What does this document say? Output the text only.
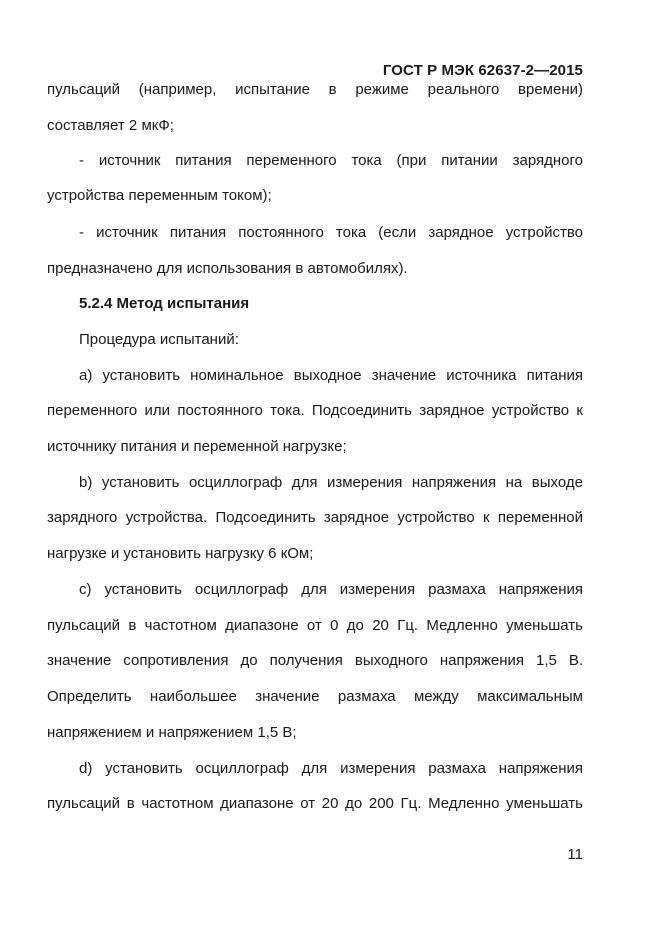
ГОСТ Р МЭК 62637-2—2015
пульсаций (например, испытание в режиме реального времени)
составляет 2 мкФ;
- источник питания переменного тока (при питании зарядного
устройства переменным током);
- источник питания постоянного тока (если зарядное устройство
предназначено для использования в автомобилях).
5.2.4 Метод испытания
Процедура испытаний:
a) установить номинальное выходное значение источника питания
переменного или постоянного тока. Подсоединить зарядное устройство к
источнику питания и переменной нагрузке;
b) установить осциллограф для измерения напряжения на выходе
зарядного устройства. Подсоединить зарядное устройство к переменной
нагрузке и установить нагрузку 6 кОм;
c) установить осциллограф для измерения размаха напряжения
пульсаций в частотном диапазоне от 0 до 20 Гц. Медленно уменьшать
значение сопротивления до получения выходного напряжения 1,5 В.
Определить наибольшее значение размаха между максимальным
напряжением и напряжением 1,5 В;
d) установить осциллограф для измерения размаха напряжения
пульсаций в частотном диапазоне от 20 до 200 Гц. Медленно уменьшать
11
